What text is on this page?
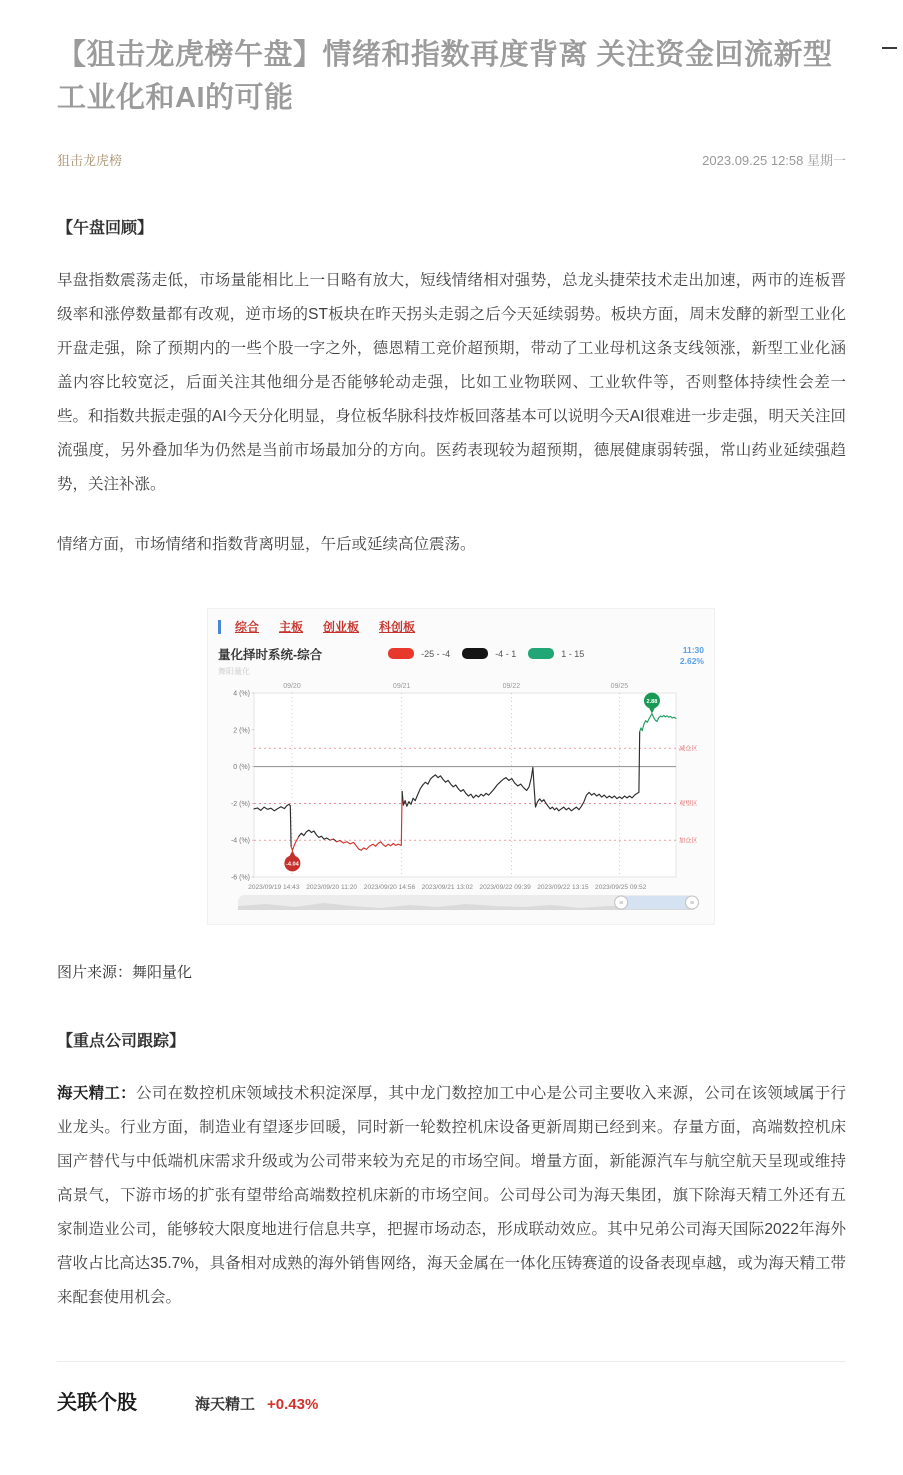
【狙击龙虎榜午盘】情绪和指数再度背离 关注资金回流新型工业化和AI的可能
狙击龙虎榜	2023.09.25 12:58 星期一
【午盘回顾】

早盘指数震荡走低，市场量能相比上一日略有放大，短线情绪相对强势，总龙头捷荣技术走出加速，两市的连板晋级率和涨停数量都有改观，逆市场的ST板块在昨天拐头走弱之后今天延续弱势。板块方面，周末发酵的新型工业化开盘走强，除了预期内的一些个股一字之外，德恩精工竞价超预期，带动了工业母机这条支线领涨，新型工业化涵盖内容比较宽泛，后面关注其他细分是否能够轮动走强，比如工业物联网、工业软件等，否则整体持续性会差一些。和指数共振走强的AI今天分化明显，身位板华脉科技炸板回落基本可以说明今天AI很难进一步走强，明天关注回流强度，另外叠加华为仍然是当前市场最加分的方向。医药表现较为超预期，德展健康弱转强，常山药业延续强趋势，关注补涨。

情绪方面，市场情绪和指数背离明显，午后或延续高位震荡。

综合 主板 创业板 科创板
量化择时系统-综合
舞阳量化
-25 - -4	-4 - 1	1 - 15	11:30
2.62%
4 (%)
2 (%)
0 (%)
-2 (%)
-4 (%)
-6 (%)
09/20	09/21	09/22	09/25
减仓区
观望区
加仓区
-4.04
2.88
2023/09/19 14:43 2023/09/20 11:20 2023/09/20 14:56 2023/09/21 13:02 2023/09/22 09:39 2023/09/22 13:15 2023/09/25 09:52
≡	≡

图片来源：舞阳量化

【重点公司跟踪】

海天精工：公司在数控机床领域技术积淀深厚，其中龙门数控加工中心是公司主要收入来源，公司在该领域属于行业龙头。行业方面，制造业有望逐步回暖，同时新一轮数控机床设备更新周期已经到来。存量方面，高端数控机床国产替代与中低端机床需求升级或为公司带来较为充足的市场空间。增量方面，新能源汽车与航空航天呈现或维持高景气，下游市场的扩张有望带给高端数控机床新的市场空间。公司母公司为海天集团，旗下除海天精工外还有五家制造业公司，能够较大限度地进行信息共享，把握市场动态，形成联动效应。其中兄弟公司海天国际2022年海外营收占比高达35.7%，具备相对成熟的海外销售网络，海天金属在一体化压铸赛道的设备表现卓越，或为海天精工带来配套使用机会。

关联个股	海天精工 +0.43%
